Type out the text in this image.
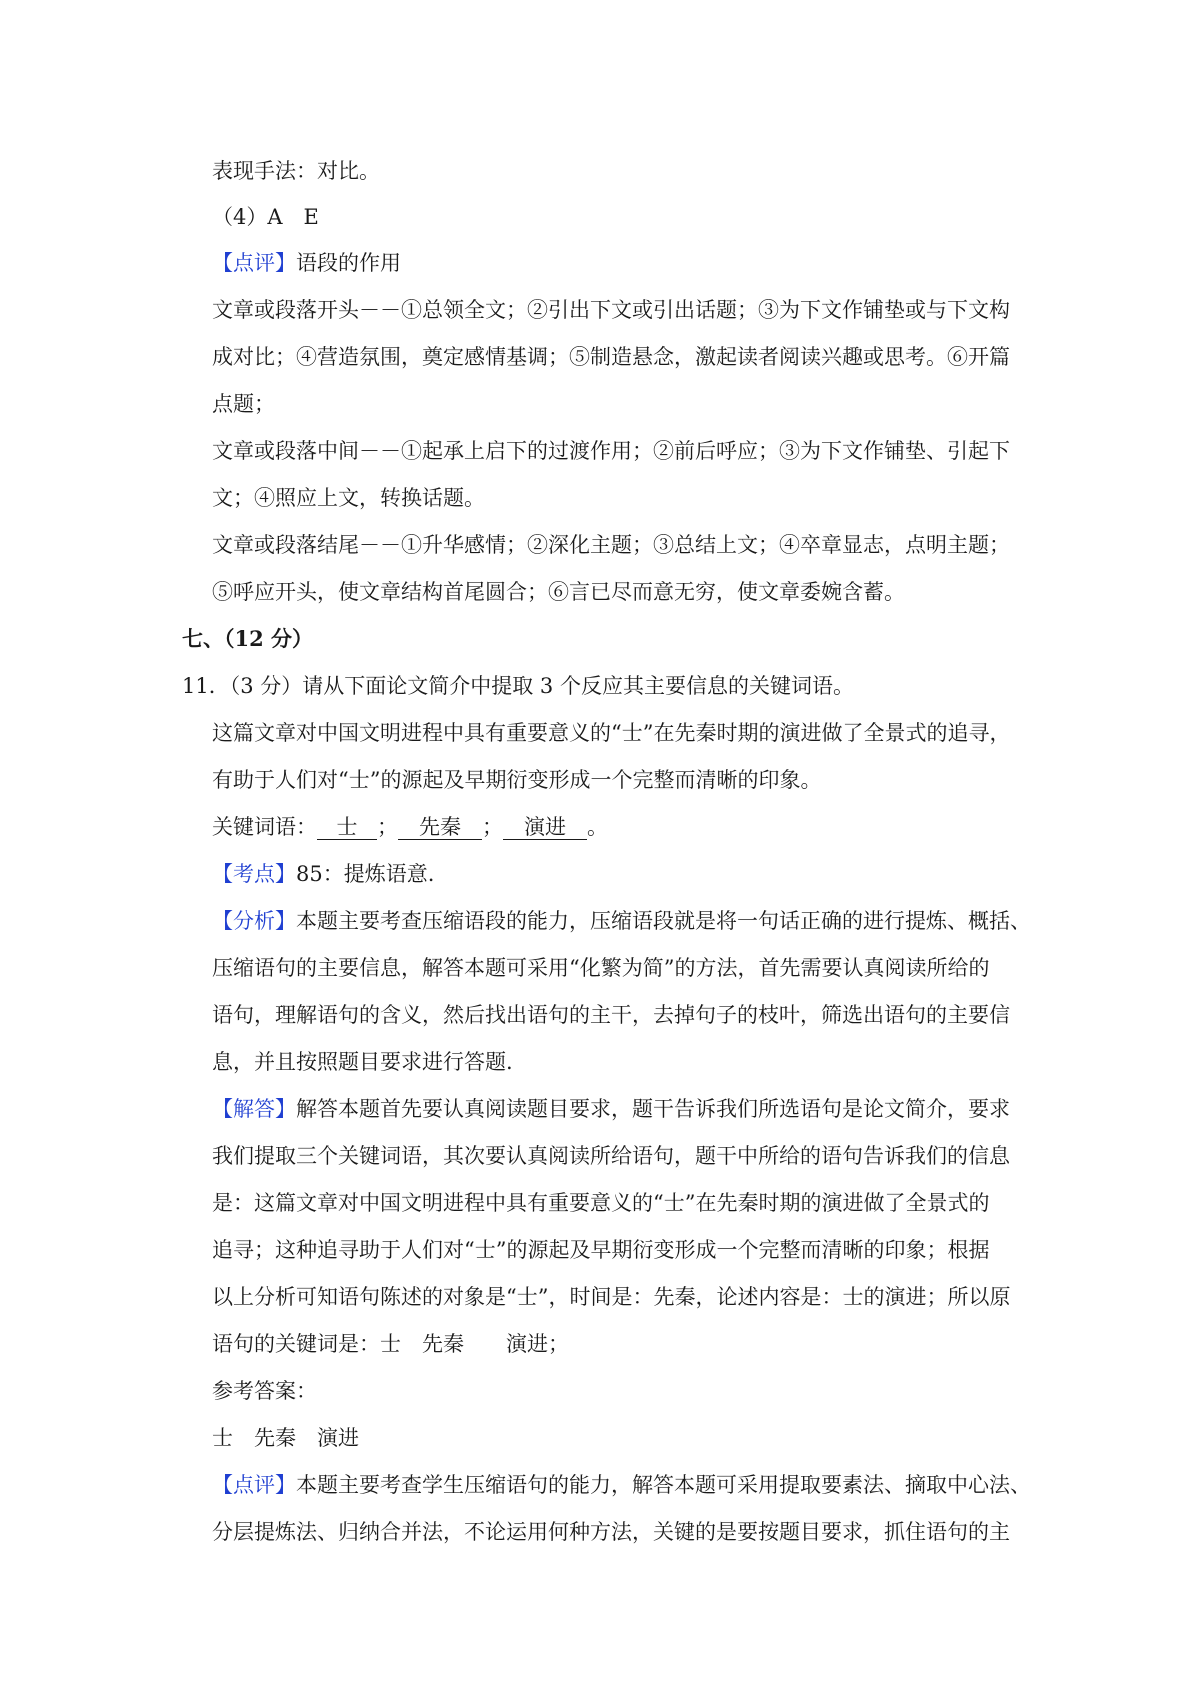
表现手法：对比。
（4）A　E
【点评】语段的作用
文章或段落开头－－①总领全文；②引出下文或引出话题；③为下文作铺垫或与下文构
成对比；④营造氛围，奠定感情基调；⑤制造悬念，激起读者阅读兴趣或思考。⑥开篇
点题；
文章或段落中间－－①起承上启下的过渡作用；②前后呼应；③为下文作铺垫、引起下
文；④照应上文，转换话题。
文章或段落结尾－－①升华感情；②深化主题；③总结上文；④卒章显志，点明主题；
⑤呼应开头，使文章结构首尾圆合；⑥言已尽而意无穷，使文章委婉含蓄。
七、（12 分）
11．（3 分）请从下面论文简介中提取 3 个反应其主要信息的关键词语。
这篇文章对中国文明进程中具有重要意义的“士”在先秦时期的演进做了全景式的追寻，
有助于人们对“士”的源起及早期衍变形成一个完整而清晰的印象。
关键词语： 士 ； 先秦 ； 演进 。
【考点】85：提炼语意.
【分析】本题主要考查压缩语段的能力，压缩语段就是将一句话正确的进行提炼、概括、
压缩语句的主要信息，解答本题可采用“化繁为简”的方法，首先需要认真阅读所给的
语句，理解语句的含义，然后找出语句的主干，去掉句子的枝叶，筛选出语句的主要信
息，并且按照题目要求进行答题.
【解答】解答本题首先要认真阅读题目要求，题干告诉我们所选语句是论文简介，要求
我们提取三个关键词语，其次要认真阅读所给语句，题干中所给的语句告诉我们的信息
是：这篇文章对中国文明进程中具有重要意义的“士”在先秦时期的演进做了全景式的
追寻；这种追寻助于人们对“士”的源起及早期衍变形成一个完整而清晰的印象；根据
以上分析可知语句陈述的对象是“士”，时间是：先秦，论述内容是：士的演进；所以原
语句的关键词是：士　先秦　　演进；
参考答案：
士　先秦　演进
【点评】本题主要考查学生压缩语句的能力，解答本题可采用提取要素法、摘取中心法、
分层提炼法、归纳合并法，不论运用何种方法，关键的是要按题目要求，抓住语句的主
